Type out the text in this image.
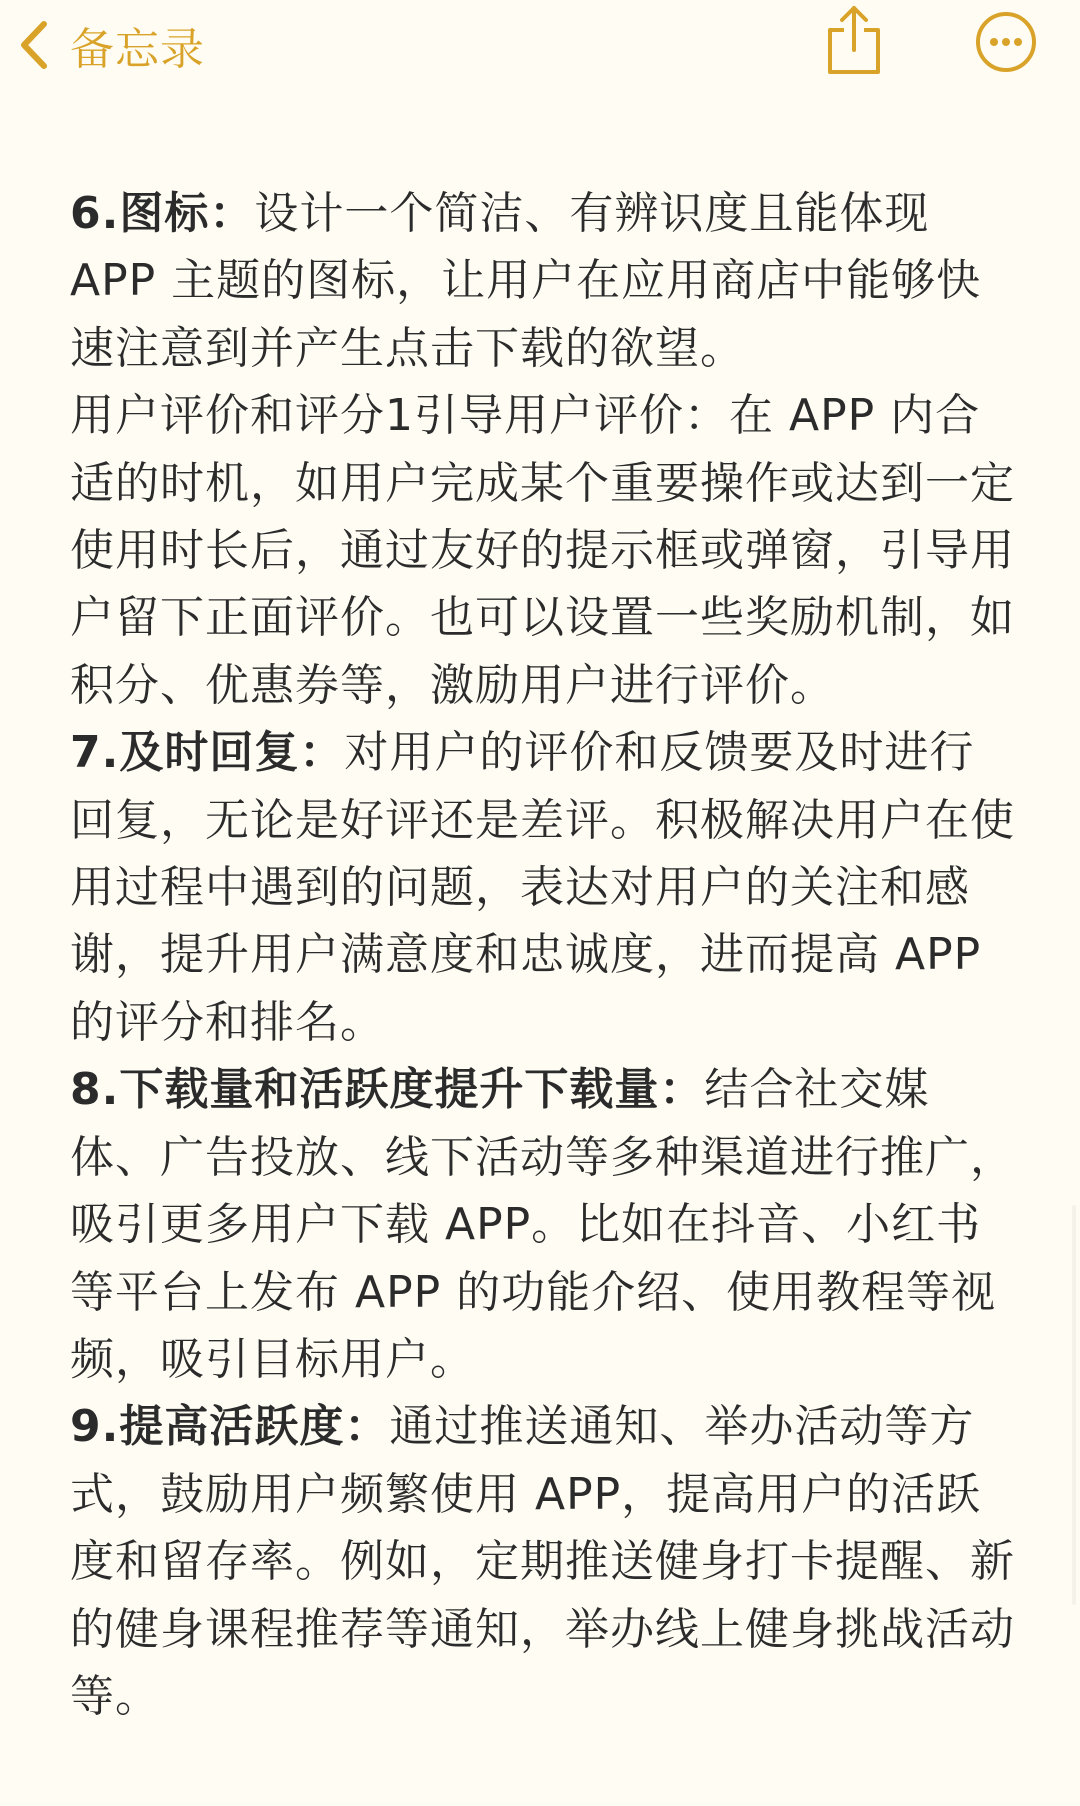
备忘录

6.图标：设计一个简洁、有辨识度且能体现 APP 主题的图标，让用户在应用商店中能够快速注意到并产生点击下载的欲望。

用户评价和评分1引导用户评价：在 APP 内合适的时机，如用户完成某个重要操作或达到一定使用时长后，通过友好的提示框或弹窗，引导用户留下正面评价。也可以设置一些奖励机制，如积分、优惠券等，激励用户进行评价。

7.及时回复：对用户的评价和反馈要及时进行回复，无论是好评还是差评。积极解决用户在使用过程中遇到的问题，表达对用户的关注和感谢，提升用户满意度和忠诚度，进而提高 APP 的评分和排名。

8.下载量和活跃度提升下载量：结合社交媒体、广告投放、线下活动等多种渠道进行推广，吸引更多用户下载 APP。比如在抖音、小红书等平台上发布 APP 的功能介绍、使用教程等视频，吸引目标用户。

9.提高活跃度：通过推送通知、举办活动等方式，鼓励用户频繁使用 APP，提高用户的活跃度和留存率。例如，定期推送健身打卡提醒、新的健身课程推荐等通知，举办线上健身挑战活动等。
